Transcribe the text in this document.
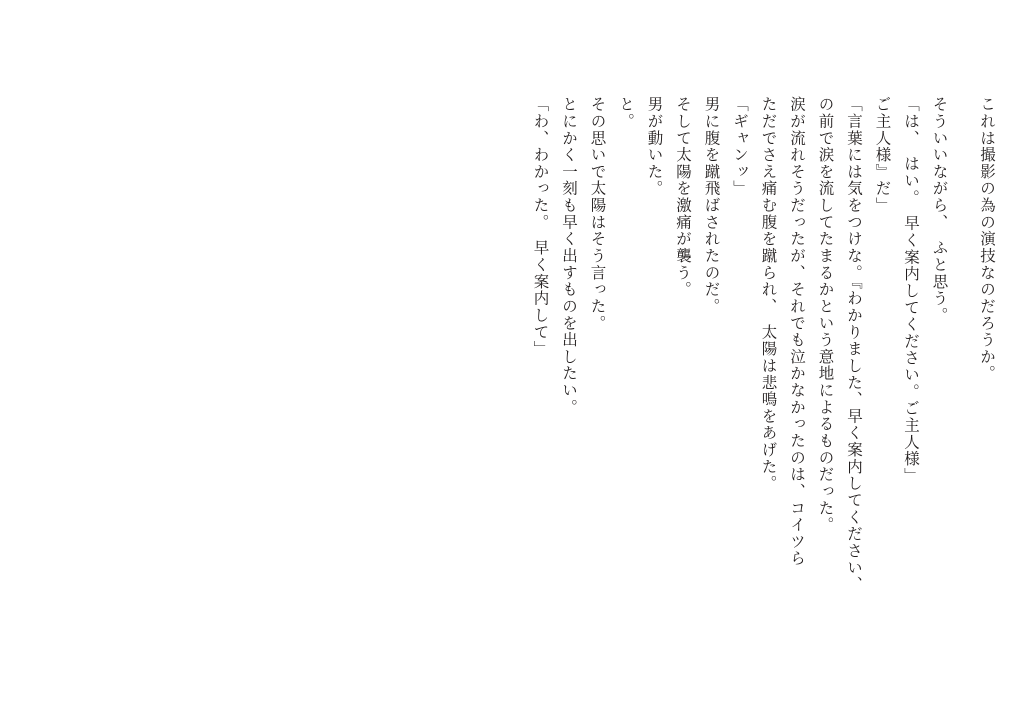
「わ、わかった。　早く案内して」 とにかく一刻も早く出すものを出したい。 その思いで太陽はそう言った。 と。 男が動いた。 そして太陽を激痛が襲う。 男に腹を蹴飛ばされたのだ。 「ギャンッ」 ただでさえ痛む腹を蹴られ、　太陽は悲鳴をあげた。 涙が流れそうだったが、それでも泣かなかったのは、コイツら の前で涙を流してたまるかという意地によるものだった。 「言葉には気をつけな。『わかりました、早く案内してください、 ご主人様』だ」 「は、　はい。　早く案内してください。ご主人様」 そういいながら、　ふと思う。 これは撮影の為の演技なのだろうか。
